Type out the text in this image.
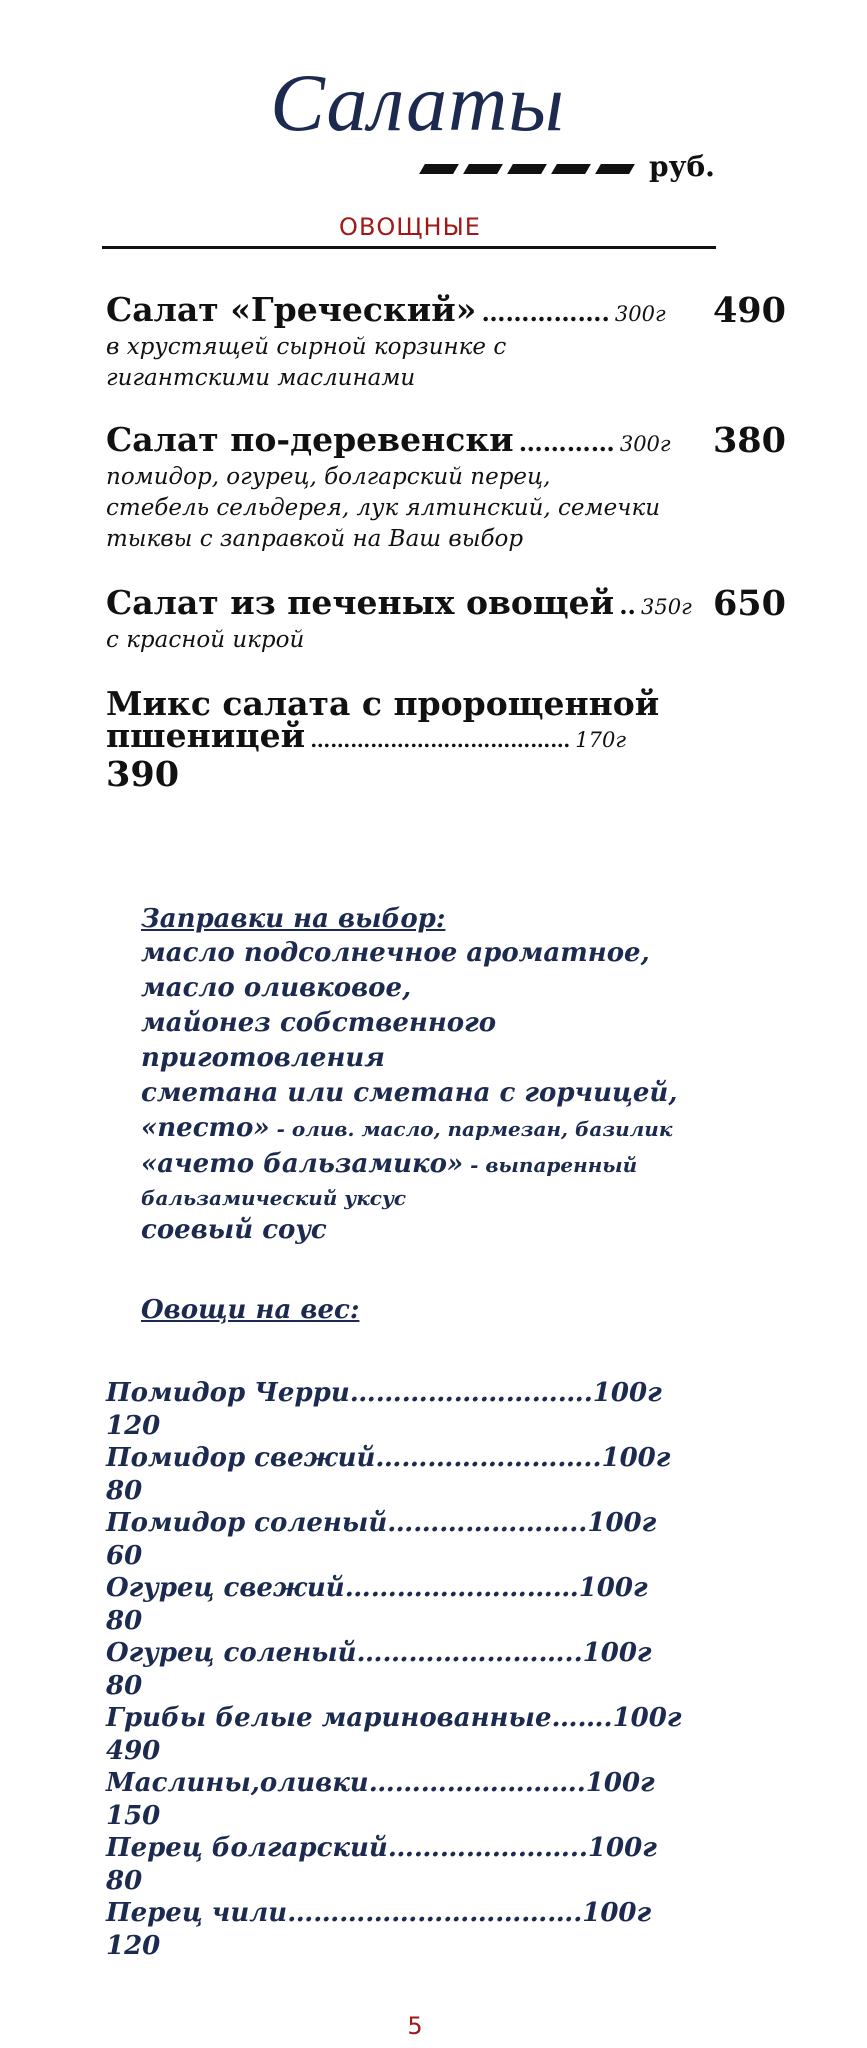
Салаты
руб.
ОВОЩНЫЕ
Салат «Греческий» ……………. 300г 490
в хрустящей сырной корзинке с
гигантскими маслинами
Салат по-деревенски ………… 300г 380
помидор, огурец, болгарский перец,
стебель сельдерея, лук ялтинский, семечки
тыквы с заправкой на Ваш выбор
Салат из печеных овощей .. 350г 650
с красной икрой
Микс салата с пророщенной
пшеницей ………………………………… 170г
390
Заправки на выбор:
масло подсолнечное ароматное,
масло оливковое,
майонез собственного
приготовления
сметана или сметана с горчицей,
«песто» - олив. масло, пармезан, базилик
«ачето бальзамико» - выпаренный
бальзамический уксус
соевый соус
Овощи на вес:
Помидор Черри……………………….100г
120
Помидор свежий……………………..100г
80
Помидор соленый…………………..100г
60
Огурец свежий………………………100г
80
Огурец соленый……………………..100г
80
Грибы белые маринованные…….100г
490
Маслины,оливки…………………….100г
150
Перец болгарский…………………..100г
80
Перец чили…………………………….100г
120
5
